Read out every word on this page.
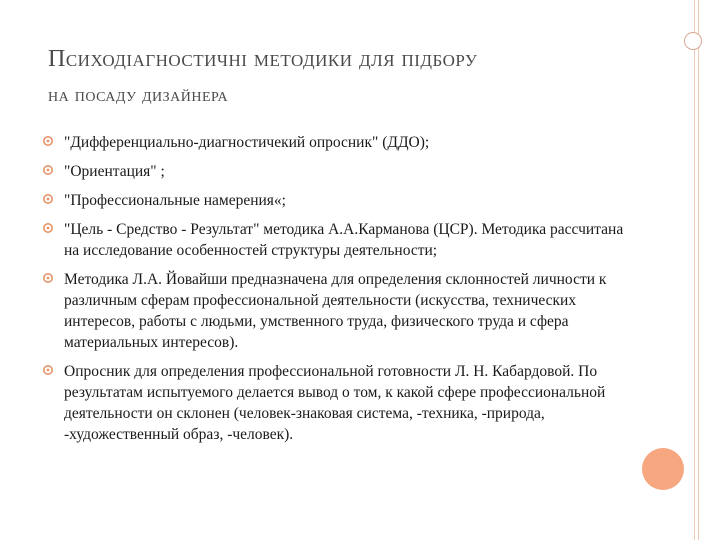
Психодіагностичні методики для підбору
на посаду дизайнера
"Дифференциально-диагностичекий опросник" (ДДО);
"Ориентация" ;
"Профессиональные намерения«;
"Цель - Средство - Результат" методика А.А.Карманова (ЦСР). Методика рассчитана на исследование особенностей структуры деятельности;
Методика Л.А. Йовайши предназначена для определения склонностей личности к различным сферам профессиональной деятельности (искусства, технических интересов, работы с людьми, умственного труда, физического труда и сфера материальных интересов).
Опросник для определения профессиональной готовности Л. Н. Кабардовой. По результатам испытуемого делается вывод о том, к какой сфере профессиональной деятельности он склонен (человек-знаковая система, -техника, -природа, -художественный образ, -человек).
